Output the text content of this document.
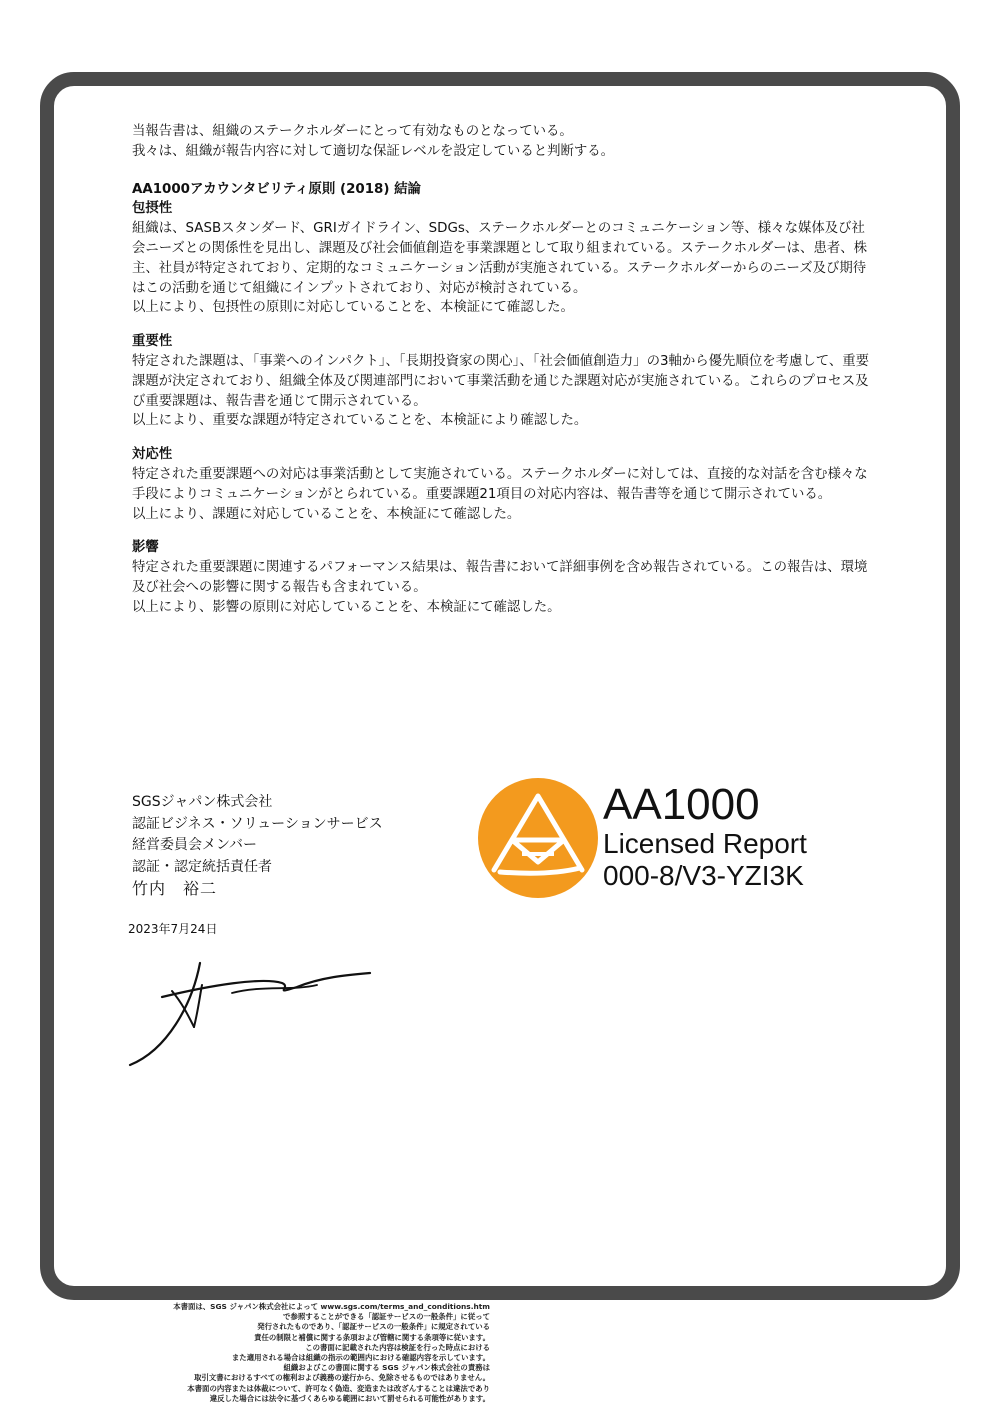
当報告書は、組織のステークホルダーにとって有効なものとなっている。

我々は、組織が報告内容に対して適切な保証レベルを設定していると判断する。

AA1000アカウンタビリティ原則 (2018) 結論

包摂性

組織は、SASBスタンダード、GRIガイドライン、SDGs、ステークホルダーとのコミュニケーション等、様々な媒体及び社会ニーズとの関係性を見出し、課題及び社会価値創造を事業課題として取り組まれている。ステークホルダーは、患者、株主、社員が特定されており、定期的なコミュニケーション活動が実施されている。ステークホルダーからのニーズ及び期待はこの活動を通じて組織にインプットされており、対応が検討されている。

以上により、包摂性の原則に対応していることを、本検証にて確認した。

重要性

特定された課題は、「事業へのインパクト」、「長期投資家の関心」、「社会価値創造力」の3軸から優先順位を考慮して、重要課題が決定されており、組織全体及び関連部門において事業活動を通じた課題対応が実施されている。これらのプロセス及び重要課題は、報告書を通じて開示されている。

以上により、重要な課題が特定されていることを、本検証により確認した。

対応性

特定された重要課題への対応は事業活動として実施されている。ステークホルダーに対しては、直接的な対話を含む様々な手段によりコミュニケーションがとられている。重要課題21項目の対応内容は、報告書等を通じて開示されている。

以上により、課題に対応していることを、本検証にて確認した。

影響

特定された重要課題に関連するパフォーマンス結果は、報告書において詳細事例を含め報告されている。この報告は、環境及び社会への影響に関する報告も含まれている。

以上により、影響の原則に対応していることを、本検証にて確認した。

SGSジャパン株式会社
認証ビジネス・ソリューションサービス
経営委員会メンバー
認証・認定統括責任者
竹内　裕二
2023年7月24日
AA1000
Licensed Report
000-8/V3-YZI3K

本書面は、SGS ジャパン株式会社によって www.sgs.com/terms_and_conditions.htm

で参照することができる「認証サービスの一般条件」に従って

発行されたものであり、「認証サービスの一般条件」に規定されている

責任の制限と補償に関する条項および管轄に関する条項等に従います。

この書面に記載された内容は検証を行った時点における

また適用される場合は組織の指示の範囲内における確認内容を示しています。

組織およびこの書面に関する SGS ジャパン株式会社の責務は

取引文書におけるすべての権利および義務の遂行から、免除させるものではありません。

本書面の内容または体裁について、許可なく偽造、変造または改ざんすることは違法であり

違反した場合には法令に基づくあらゆる範囲において罰せられる可能性があります。
